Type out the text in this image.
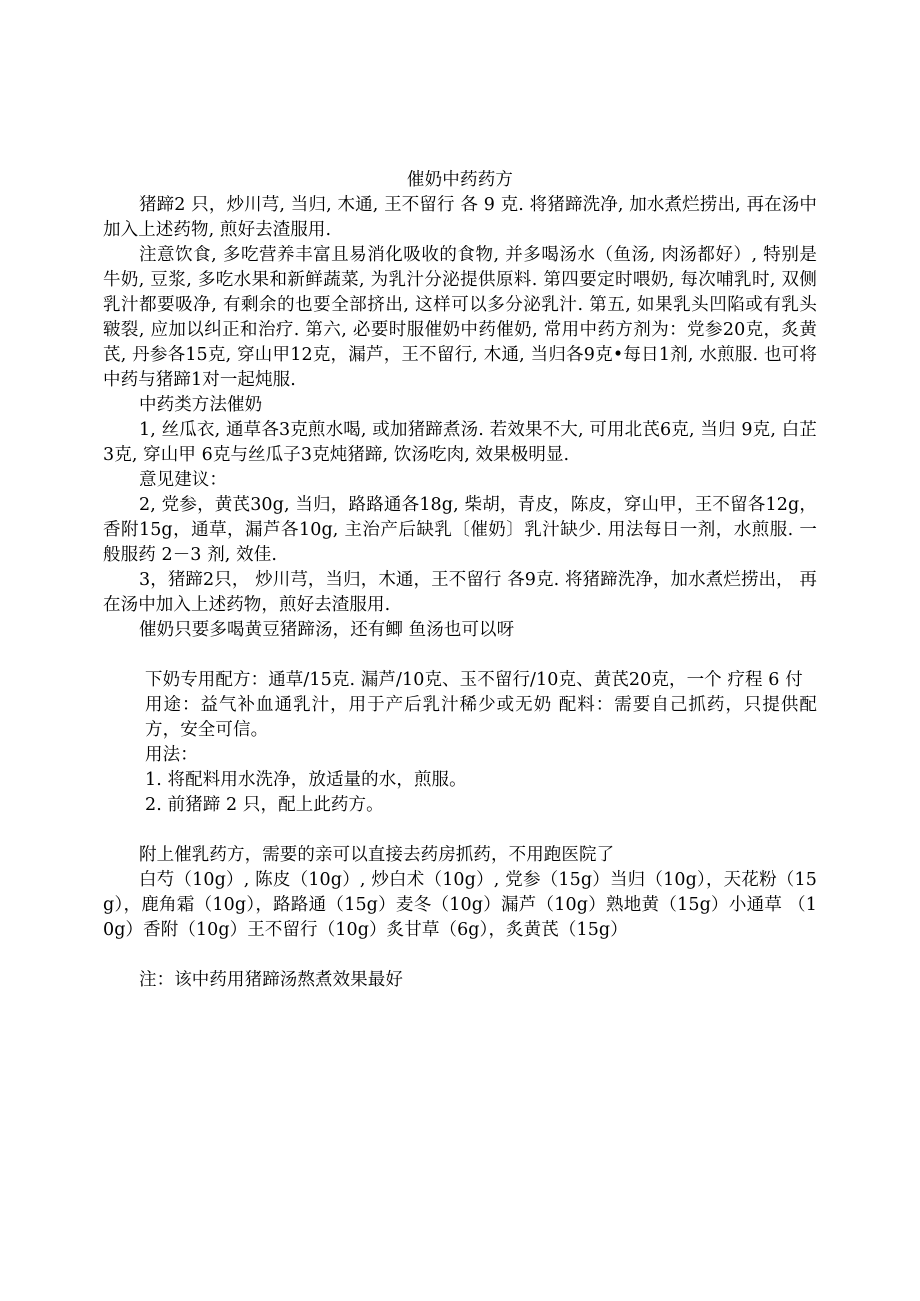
催奶中药药方

猪蹄2 只，炒川芎, 当归, 木通, 王不留行 各 9 克. 将猪蹄洗净, 加水煮烂捞出, 再在汤中加入上述药物, 煎好去渣服用.

注意饮食, 多吃营养丰富且易消化吸收的食物, 并多喝汤水（鱼汤, 肉汤都好）, 特别是牛奶, 豆浆, 多吃水果和新鲜蔬菜, 为乳汁分泌提供原料. 第四要定时喂奶, 每次哺乳时, 双侧乳汁都要吸净, 有剩余的也要全部挤出, 这样可以多分泌乳汁. 第五, 如果乳头凹陷或有乳头皲裂, 应加以纠正和治疗. 第六, 必要时服催奶中药催奶, 常用中药方剂为：党参20克，炙黄芪, 丹参各15克, 穿山甲12克，漏芦，王不留行, 木通, 当归各9克•每日1剂, 水煎服. 也可将中药与猪蹄1对一起炖服.

中药类方法催奶

1, 丝瓜衣, 通草各3克煎水喝, 或加猪蹄煮汤. 若效果不大, 可用北芪6克, 当归 9克, 白芷3克, 穿山甲 6克与丝瓜子3克炖猪蹄, 饮汤吃肉, 效果极明显.

意见建议：

2, 党参，黄芪30g, 当归，路路通各18g, 柴胡，青皮，陈皮，穿山甲，王不留各12g，香附15g，通草，漏芦各10g, 主治产后缺乳〔催奶〕乳汁缺少. 用法每日一剂，水煎服. 一般服药 2－3 剂, 效佳.

3，猪蹄2只， 炒川芎，当归，木通，王不留行 各9克. 将猪蹄洗净，加水煮烂捞出， 再在汤中加入上述药物，煎好去渣服用.

催奶只要多喝黄豆猪蹄汤，还有鲫 鱼汤也可以呀

下奶专用配方：通草/15克. 漏芦/10克、玉不留行/10克、黄芪20克，一个 疗程 6 付

用途：益气补血通乳汁，用于产后乳汁稀少或无奶 配料：需要自己抓药，只提供配方，安全可信。

用法：

1. 将配料用水洗净，放适量的水，煎服。

2. 前猪蹄 2 只，配上此药方。

附上催乳药方，需要的亲可以直接去药房抓药，不用跑医院了

白芍（10g）, 陈皮（10g）, 炒白术（10g）, 党参（15g）当归（10g），天花粉（15g），鹿角霜（10g），路路通（15g）麦冬（10g）漏芦（10g）熟地黄（15g）小通草 （10g）香附（10g）王不留行（10g）炙甘草（6g），炙黄芪（15g）

注：该中药用猪蹄汤熬煮效果最好
